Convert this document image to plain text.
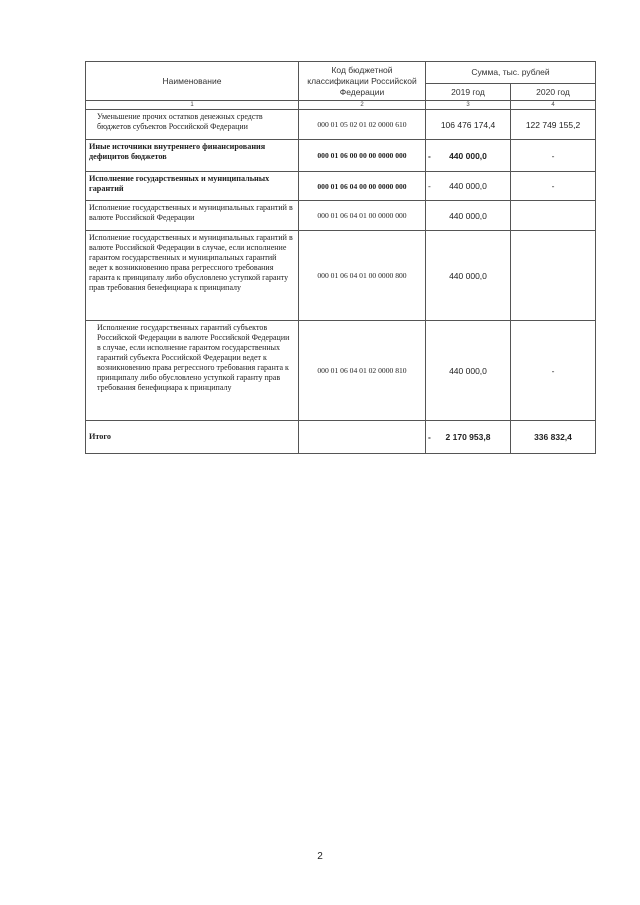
Наименование	Код бюджетной классификации Российской Федерации	Сумма, тыс. рублей	
		2019 год	2020 год
1	2	3	4
Уменьшение прочих остатков денежных средств бюджетов субъектов Российской Федерации	000 01 05 02 01 02 0000 610	106 476 174,4	122 749 155,2
Иные источники внутреннего финансирования дефицитов бюджетов	000 01 06 00 00 00 0000 000	- 440 000,0	-
Исполнение государственных и муниципальных гарантий	000 01 06 04 00 00 0000 000	- 440 000,0	-
Исполнение государственных и муниципальных гарантий в валюте Российской Федерации	000 01 06 04 01 00 0000 000	440 000,0	
Исполнение государственных и муниципальных гарантий в валюте Российской Федерации в случае, если исполнение гарантом государственных и муниципальных гарантий ведет к возникновению права регрессного требования гаранта к принципалу либо обусловлено уступкой гаранту прав требования бенефициара к принципалу	000 01 06 04 01 00 0000 800	440 000,0	
Исполнение государственных гарантий субъектов Российской Федерации в валюте Российской Федерации в случае, если исполнение гарантом государственных гарантий субъекта Российской Федерации ведет к возникновению права регрессного требования гаранта к принципалу либо обусловлено уступкой гаранту прав требования бенефициара к принципалу	000 01 06 04 01 02 0000 810	440 000,0	-
Итого		- 2 170 953,8	336 832,4
2
